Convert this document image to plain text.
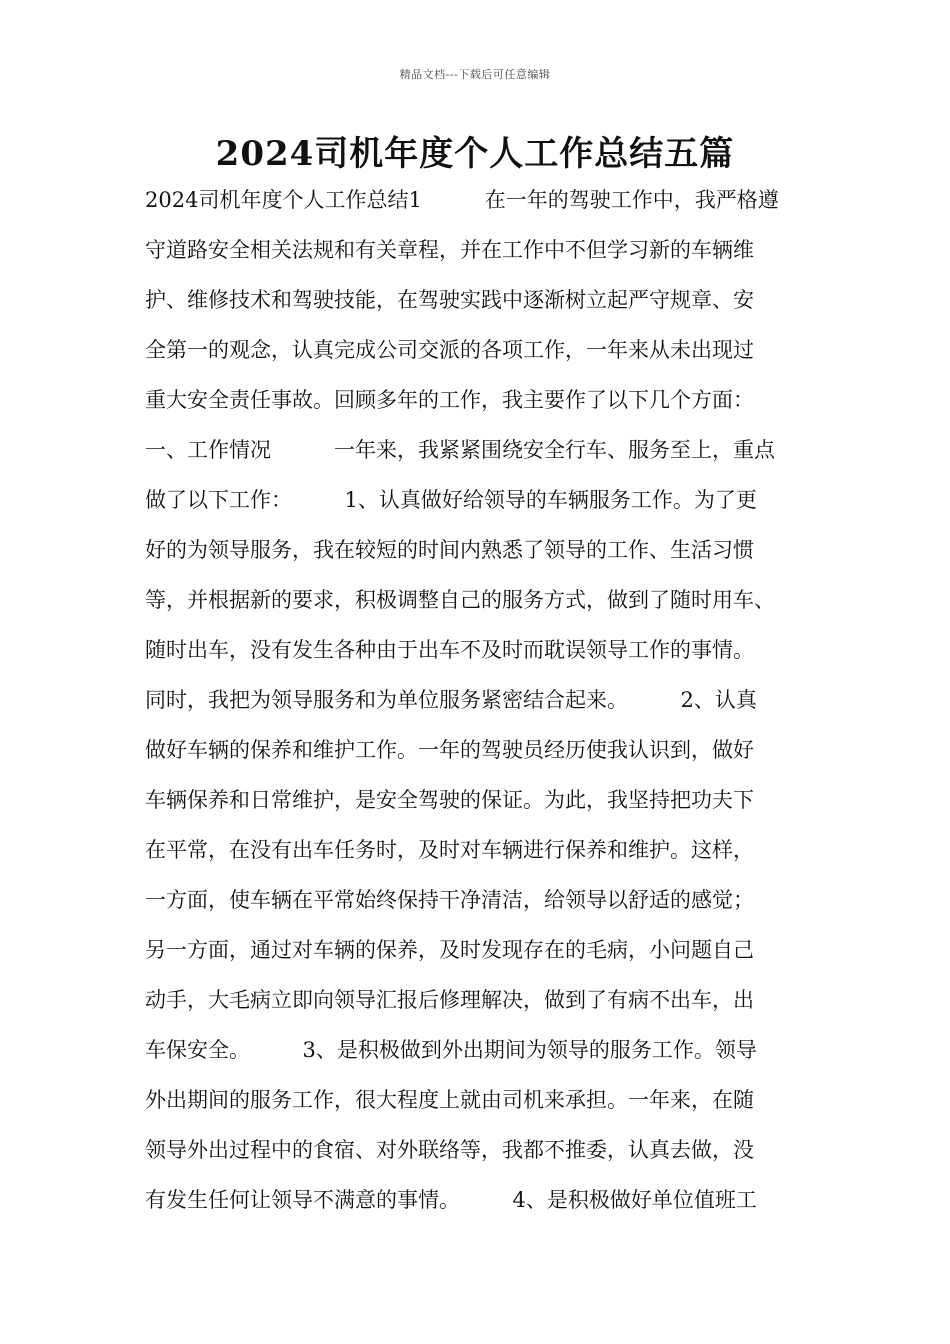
精品文档---下载后可任意编辑
2024司机年度个人工作总结五篇
2024司机年度个人工作总结1　　　在一年的驾驶工作中，我严格遵
守道路安全相关法规和有关章程，并在工作中不但学习新的车辆维
护、维修技术和驾驶技能，在驾驶实践中逐渐树立起严守规章、安
全第一的观念，认真完成公司交派的各项工作，一年来从未出现过
重大安全责任事故。回顾多年的工作，我主要作了以下几个方面：
一、工作情况　　　一年来，我紧紧围绕安全行车、服务至上，重点
做了以下工作：　　　1、认真做好给领导的车辆服务工作。为了更
好的为领导服务，我在较短的时间内熟悉了领导的工作、生活习惯
等，并根据新的要求，积极调整自己的服务方式，做到了随时用车、
随时出车，没有发生各种由于出车不及时而耽误领导工作的事情。
同时，我把为领导服务和为单位服务紧密结合起来。　　　2、认真
做好车辆的保养和维护工作。一年的驾驶员经历使我认识到，做好
车辆保养和日常维护，是安全驾驶的保证。为此，我坚持把功夫下
在平常，在没有出车任务时，及时对车辆进行保养和维护。这样，
一方面，使车辆在平常始终保持干净清洁，给领导以舒适的感觉；
另一方面，通过对车辆的保养，及时发现存在的毛病，小问题自己
动手，大毛病立即向领导汇报后修理解决，做到了有病不出车，出
车保安全。　　　3、是积极做到外出期间为领导的服务工作。领导
外出期间的服务工作，很大程度上就由司机来承担。一年来，在随
领导外出过程中的食宿、对外联络等，我都不推委，认真去做，没
有发生任何让领导不满意的事情。　　　4、是积极做好单位值班工
